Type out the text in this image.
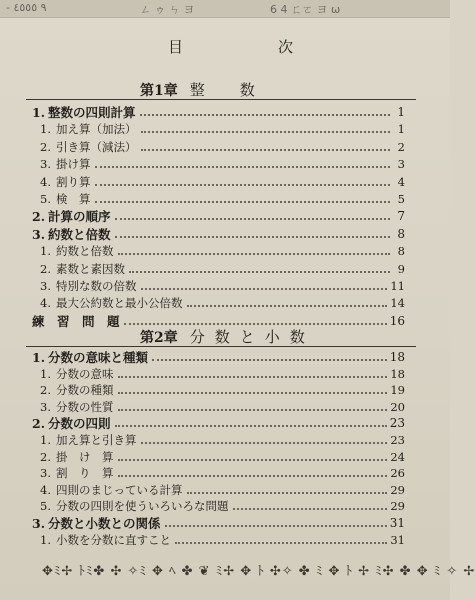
- ٩ ٤٥٥٥	ㄥ ゥ ㄣ ヨ	6 4 ㄈㄛ ヨ ω
目	次
第1章 整　数
1. 整数の四則計算	1
1. 加え算（加法）	1
2. 引き算（減法）	2
3. 掛け算	3
4. 割り算	4
5. 検　算	5
2. 計算の順序	7
3. 約数と倍数	8
1. 約数と倍数	8
2. 素数と素因数	9
3. 特別な数の倍数	11
4. 最大公約数と最小公倍数	14
練　習　問　題	16
第2章 分数と小数
1. 分数の意味と種類	18
1. 分数の意味	18
2. 分数の種類	19
3. 分数の性質	20
2. 分数の四則	23
1. 加え算と引き算	23
2. 掛　け　算	24
3. 割　り　算	26
4. 四則のまじっている計算	29
5. 分数の四則を使ういろいろな問題	29
3. 分数と小数との関係	31
1. 小数を分数に直すこと	31
✥ﾐ✢ ﾄﾐ✤ ✣ ✧ﾐ ✥ ﾍ ✤ ❦ ﾐ✢ ✥ ﾄ ✣✧ ✤ ﾐ ✥ ﾄ ✢ ﾐ✣ ✤ ✥ ﾐ ✧ ✢
